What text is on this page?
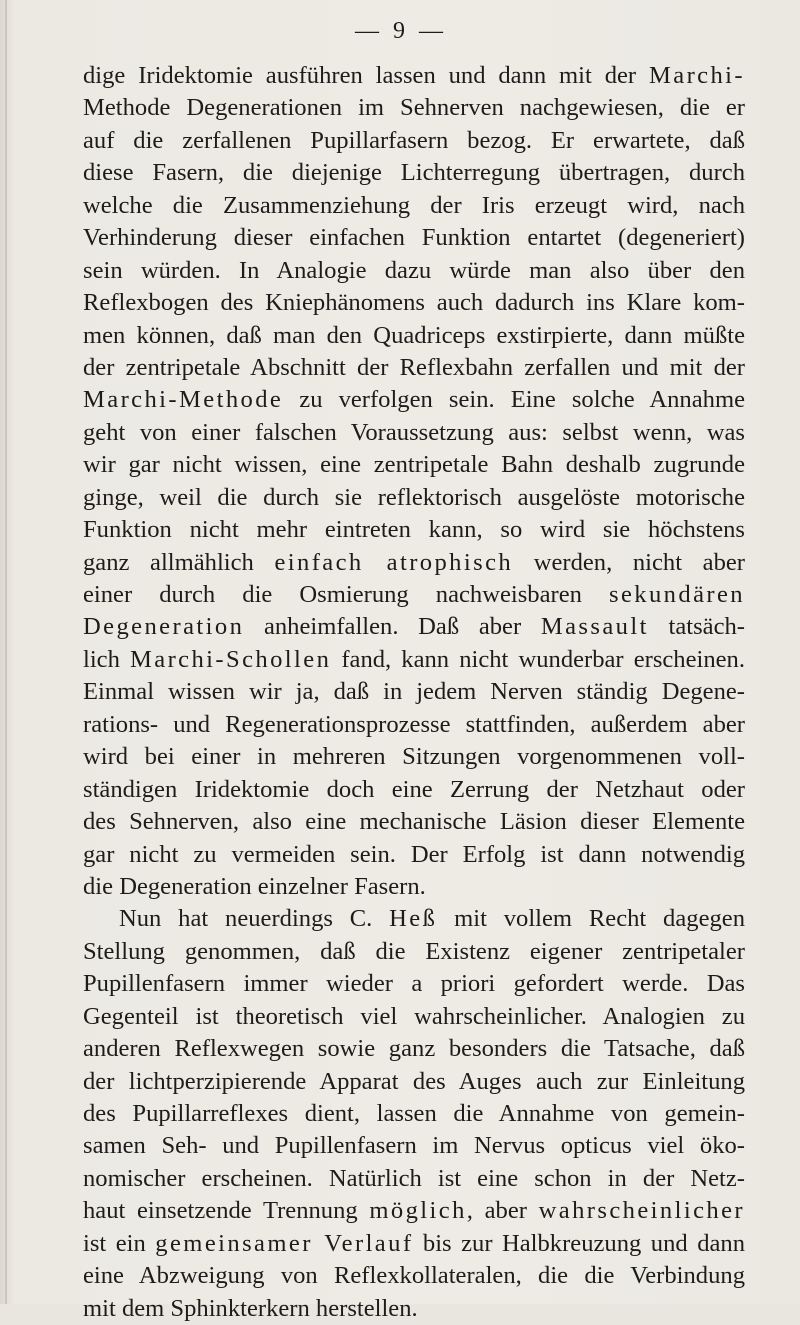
— 9 —
dige Iridektomie ausführen lassen und dann mit der Marchi-
Methode Degenerationen im Sehnerven nachgewiesen, die er
auf die zerfallenen Pupillarfasern bezog. Er erwartete, daß
diese Fasern, die diejenige Lichterregung übertragen, durch
welche die Zusammenziehung der Iris erzeugt wird, nach
Verhinderung dieser einfachen Funktion entartet (degeneriert)
sein würden. In Analogie dazu würde man also über den
Reflexbogen des Kniephänomens auch dadurch ins Klare kom-
men können, daß man den Quadriceps exstirpierte, dann müßte
der zentripetale Abschnitt der Reflexbahn zerfallen und mit der
Marchi-Methode zu verfolgen sein. Eine solche Annahme
geht von einer falschen Voraussetzung aus: selbst wenn, was
wir gar nicht wissen, eine zentripetale Bahn deshalb zugrunde
ginge, weil die durch sie reflektorisch ausgelöste motorische
Funktion nicht mehr eintreten kann, so wird sie höchstens
ganz allmählich einfach atrophisch werden, nicht aber
einer durch die Osmierung nachweisbaren sekundären
Degeneration anheimfallen. Daß aber Massault tatsäch-
lich Marchi-Schollen fand, kann nicht wunderbar erscheinen.
Einmal wissen wir ja, daß in jedem Nerven ständig Degene-
rations- und Regenerationsprozesse stattfinden, außerdem aber
wird bei einer in mehreren Sitzungen vorgenommenen voll-
ständigen Iridektomie doch eine Zerrung der Netzhaut oder
des Sehnerven, also eine mechanische Läsion dieser Elemente
gar nicht zu vermeiden sein. Der Erfolg ist dann notwendig
die Degeneration einzelner Fasern.
Nun hat neuerdings C. Heß mit vollem Recht dagegen
Stellung genommen, daß die Existenz eigener zentripetaler
Pupillenfasern immer wieder a priori gefordert werde. Das
Gegenteil ist theoretisch viel wahrscheinlicher. Analogien zu
anderen Reflexwegen sowie ganz besonders die Tatsache, daß
der lichtperzipierende Apparat des Auges auch zur Einleitung
des Pupillarreflexes dient, lassen die Annahme von gemein-
samen Seh- und Pupillenfasern im Nervus opticus viel öko-
nomischer erscheinen. Natürlich ist eine schon in der Netz-
haut einsetzende Trennung möglich, aber wahrscheinlicher
ist ein gemeinsamer Verlauf bis zur Halbkreuzung und dann
eine Abzweigung von Reflexkollateralen, die die Verbindung
mit dem Sphinkterkern herstellen.
